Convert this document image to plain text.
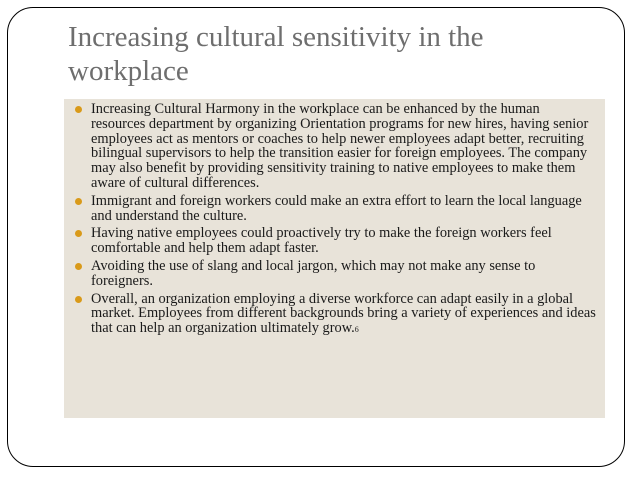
Increasing cultural sensitivity in the workplace
Increasing Cultural Harmony in the workplace can be enhanced by the human resources department by organizing Orientation programs for new hires, having senior employees act as mentors or coaches to help newer employees adapt better, recruiting bilingual supervisors to help the transition easier for foreign employees. The company may also benefit by providing sensitivity training to native employees to make them aware of cultural differences.
Immigrant and foreign workers could make an extra effort to learn the local language and understand the culture.
Having native employees could proactively try to make the foreign workers feel comfortable and help them adapt faster.
Avoiding the use of slang and local jargon, which may not make any sense to foreigners.
Overall, an organization employing a diverse workforce can adapt easily in a global market. Employees from different backgrounds bring a variety of experiences and ideas that can help an organization ultimately grow.6
